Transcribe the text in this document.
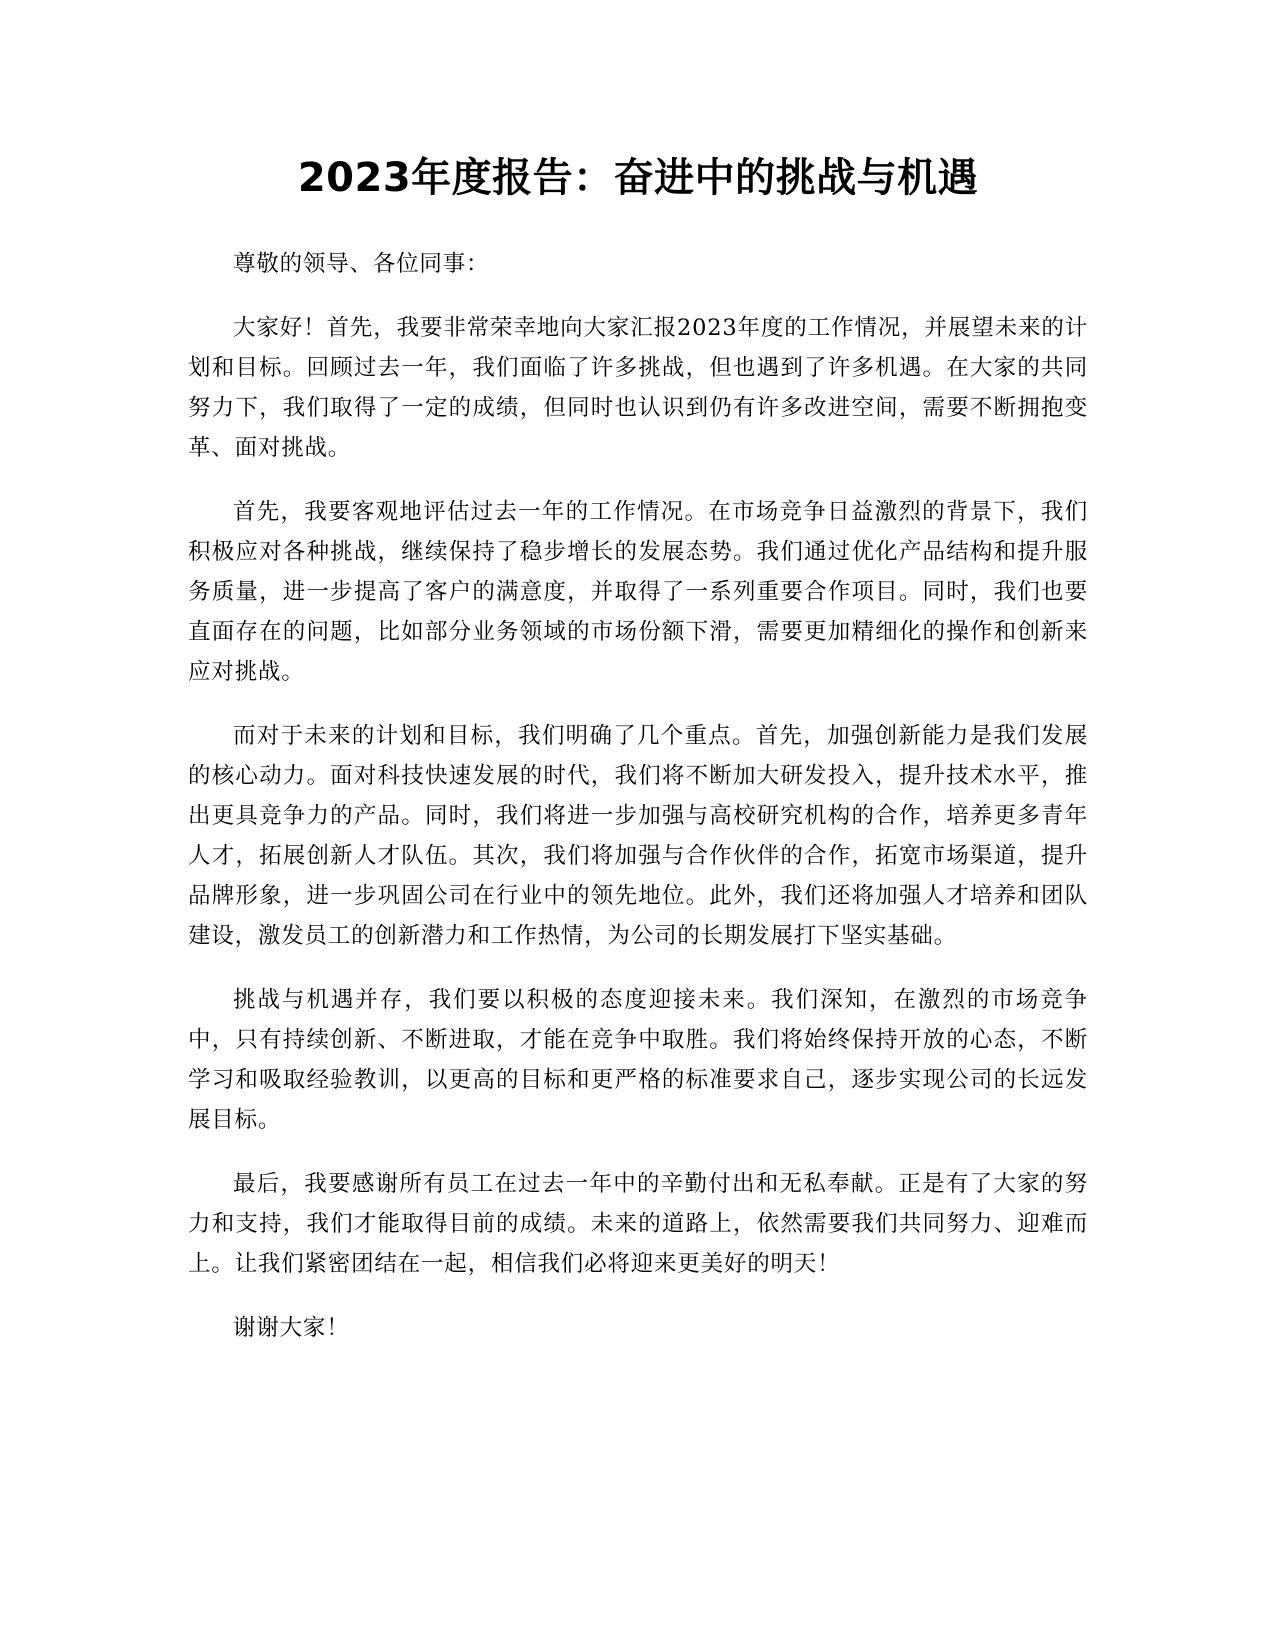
2023年度报告：奋进中的挑战与机遇

尊敬的领导、各位同事：

大家好！首先，我要非常荣幸地向大家汇报2023年度的工作情况，并展望未来的计划和目标。回顾过去一年，我们面临了许多挑战，但也遇到了许多机遇。在大家的共同努力下，我们取得了一定的成绩，但同时也认识到仍有许多改进空间，需要不断拥抱变革、面对挑战。

首先，我要客观地评估过去一年的工作情况。在市场竞争日益激烈的背景下，我们积极应对各种挑战，继续保持了稳步增长的发展态势。我们通过优化产品结构和提升服务质量，进一步提高了客户的满意度，并取得了一系列重要合作项目。同时，我们也要直面存在的问题，比如部分业务领域的市场份额下滑，需要更加精细化的操作和创新来应对挑战。

而对于未来的计划和目标，我们明确了几个重点。首先，加强创新能力是我们发展的核心动力。面对科技快速发展的时代，我们将不断加大研发投入，提升技术水平，推出更具竞争力的产品。同时，我们将进一步加强与高校研究机构的合作，培养更多青年人才，拓展创新人才队伍。其次，我们将加强与合作伙伴的合作，拓宽市场渠道，提升品牌形象，进一步巩固公司在行业中的领先地位。此外，我们还将加强人才培养和团队建设，激发员工的创新潜力和工作热情，为公司的长期发展打下坚实基础。

挑战与机遇并存，我们要以积极的态度迎接未来。我们深知，在激烈的市场竞争中，只有持续创新、不断进取，才能在竞争中取胜。我们将始终保持开放的心态，不断学习和吸取经验教训，以更高的目标和更严格的标准要求自己，逐步实现公司的长远发展目标。

最后，我要感谢所有员工在过去一年中的辛勤付出和无私奉献。正是有了大家的努力和支持，我们才能取得目前的成绩。未来的道路上，依然需要我们共同努力、迎难而上。让我们紧密团结在一起，相信我们必将迎来更美好的明天！

谢谢大家！
